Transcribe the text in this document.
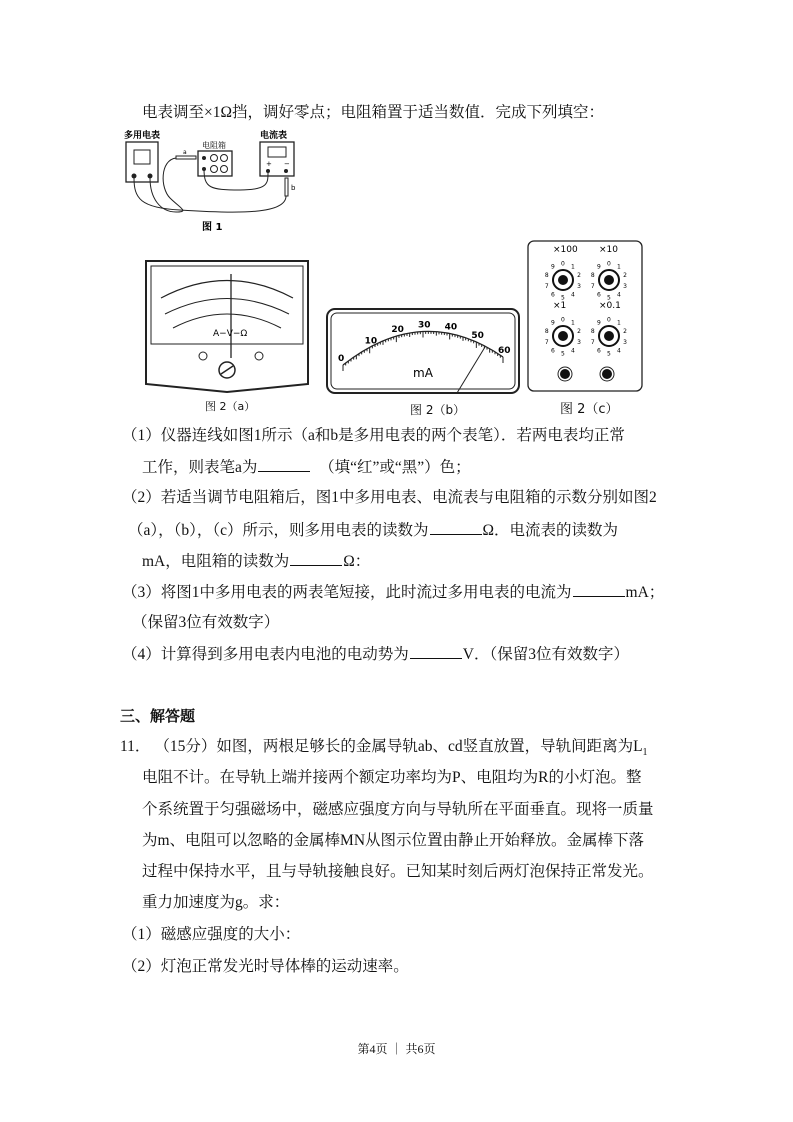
电表调至×1Ω挡，调好零点；电阻箱置于适当数值．完成下列填空：
多用电表
电阻箱
电流表
+ −
a
b
图 1
A−V−Ω
图 2（a）
0
10
20 30 40
50
60
mA
图 2（b）
×100
0 1
2
3
4
5
6
7
8
9
×10
0 1
2
3
4
5
6
7
8
9
×1
0 1
2
3
4
5
6
7
8
9
×0.1
0 1
2
3
4
5
6
7
8
9
图 2（c）
（1）仪器连线如图1所示（a和b是多用电表的两个表笔）．若两电表均正常
工作，则表笔a为	（填“红”或“黑”）色；
（2）若适当调节电阻箱后，图1中多用电表、电流表与电阻箱的示数分别如图2
（a），（b），（c）所示，则多用电表的读数为	Ω．电流表的读数为
mA，电阻箱的读数为	Ω：
（3）将图1中多用电表的两表笔短接，此时流过多用电表的电流为	mA；
（保留3位有效数字）
（4）计算得到多用电表内电池的电动势为	V．（保留3位有效数字）
三、解答题
11． （15分）如图，两根足够长的金属导轨ab、cd竖直放置，导轨间距离为$L_1$
电阻不计。在导轨上端并接两个额定功率均为P、电阻均为R的小灯泡。整
个系统置于匀强磁场中，磁感应强度方向与导轨所在平面垂直。现将一质量
为m、电阻可以忽略的金属棒MN从图示位置由静止开始释放。金属棒下落
过程中保持水平，且与导轨接触良好。已知某时刻后两灯泡保持正常发光。
重力加速度为g。求：
（1）磁感应强度的大小：
（2）灯泡正常发光时导体棒的运动速率。
第4页 ｜ 共6页
